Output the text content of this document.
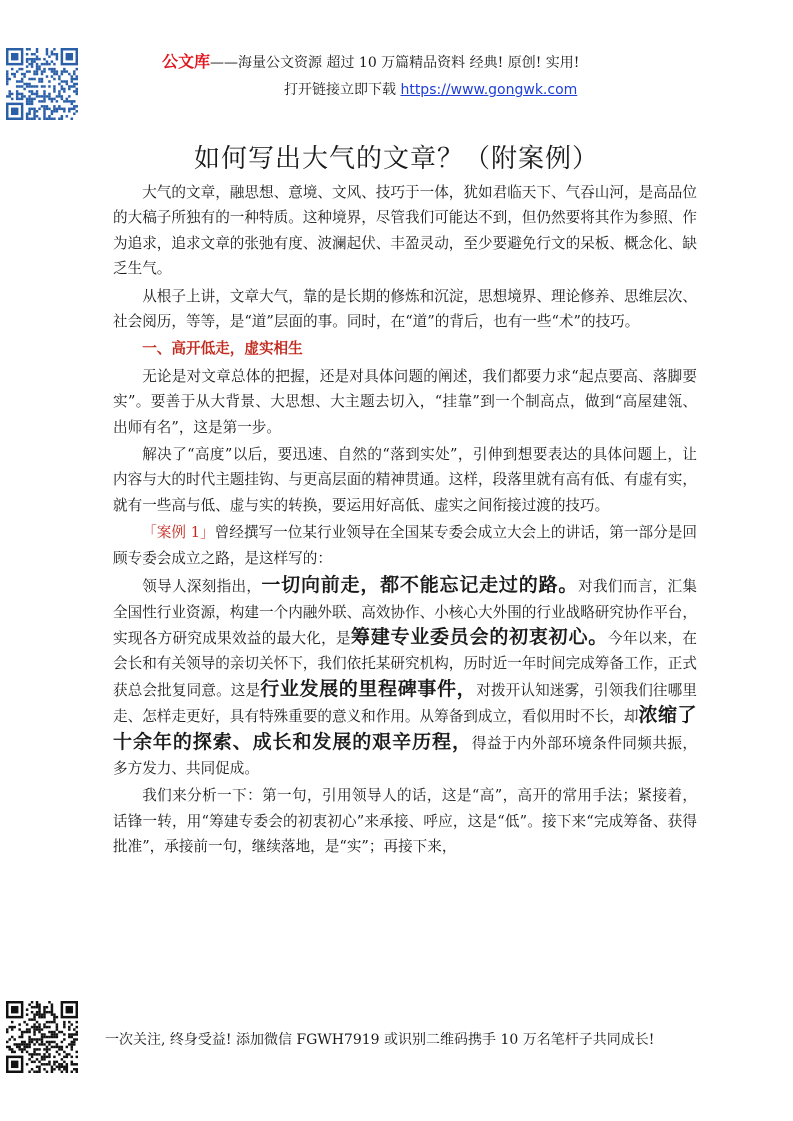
公文库——海量公文资源 超过 10 万篇精品资料 经典! 原创! 实用!
打开链接立即下载 https://www.gongwk.com
如何写出大气的文章？（附案例）

大气的文章，融思想、意境、文风、技巧于一体，犹如君临天下、气吞山河，是高品位的大稿子所独有的一种特质。这种境界，尽管我们可能达不到，但仍然要将其作为参照、作为追求，追求文章的张弛有度、波澜起伏、丰盈灵动，至少要避免行文的呆板、概念化、缺乏生气。

从根子上讲，文章大气，靠的是长期的修炼和沉淀，思想境界、理论修养、思维层次、社会阅历，等等，是“道”层面的事。同时，在“道”的背后，也有一些“术”的技巧。

一、高开低走，虚实相生

无论是对文章总体的把握，还是对具体问题的阐述，我们都要力求“起点要高、落脚要实”。要善于从大背景、大思想、大主题去切入，“挂靠”到一个制高点，做到“高屋建瓴、出师有名”，这是第一步。

解决了“高度”以后，要迅速、自然的“落到实处”，引伸到想要表达的具体问题上，让内容与大的时代主题挂钩、与更高层面的精神贯通。这样，段落里就有高有低、有虚有实，就有一些高与低、虚与实的转换，要运用好高低、虚实之间衔接过渡的技巧。

「案例 1」曾经撰写一位某行业领导在全国某专委会成立大会上的讲话，第一部分是回顾专委会成立之路，是这样写的：

领导人深刻指出，一切向前走，都不能忘记走过的路。对我们而言，汇集全国性行业资源，构建一个内融外联、高效协作、小核心大外围的行业战略研究协作平台，实现各方研究成果效益的最大化，是筹建专业委员会的初衷初心。今年以来，在会长和有关领导的亲切关怀下，我们依托某研究机构，历时近一年时间完成筹备工作，正式获总会批复同意。这是行业发展的里程碑事件，对拨开认知迷雾，引领我们往哪里走、怎样走更好，具有特殊重要的意义和作用。从筹备到成立，看似用时不长，却浓缩了十余年的探索、成长和发展的艰辛历程，得益于内外部环境条件同频共振，多方发力、共同促成。

我们来分析一下：第一句，引用领导人的话，这是“高”，高开的常用手法；紧接着，话锋一转，用“筹建专委会的初衷初心”来承接、呼应，这是“低”。接下来“完成筹备、获得批准”，承接前一句，继续落地，是“实”；再接下来，

一次关注, 终身受益! 添加微信 FGWH7919 或识别二维码携手 10 万名笔杆子共同成长!
